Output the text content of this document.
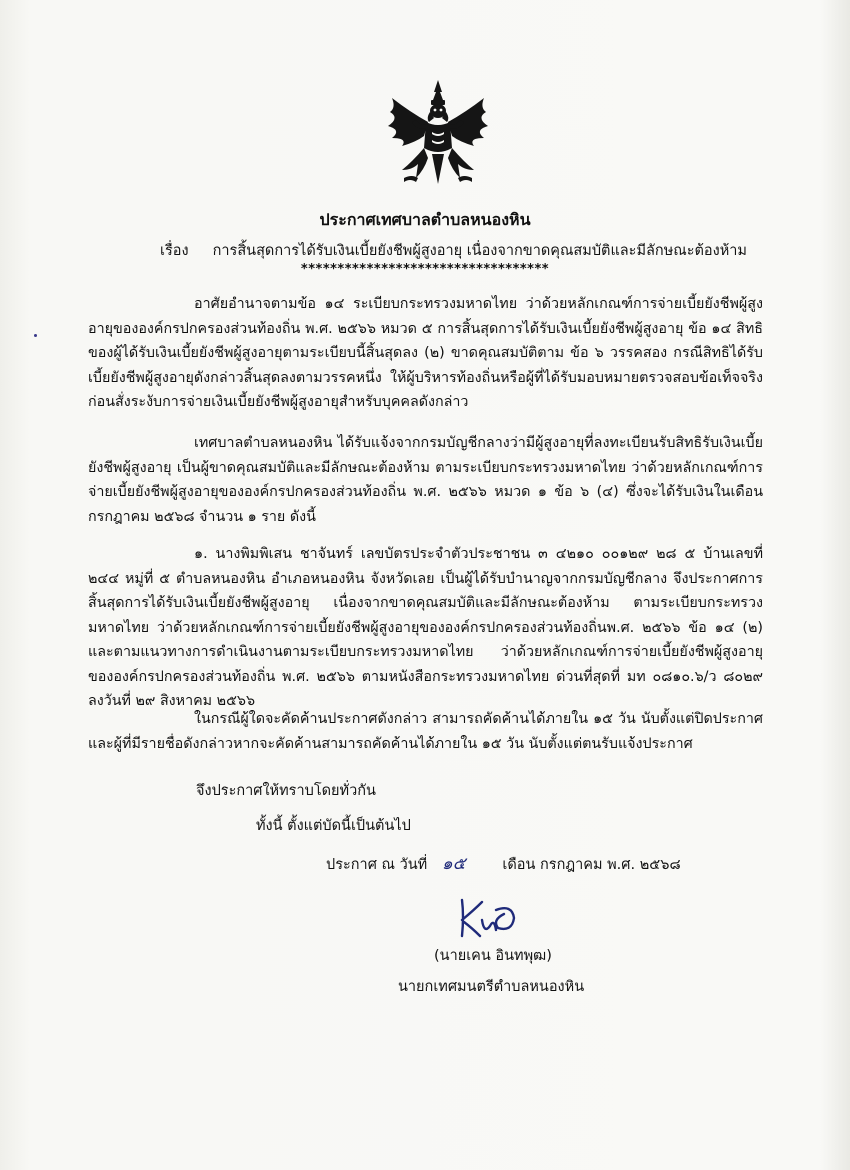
ประกาศเทศบาลตำบลหนองหิน
เรื่อง การสิ้นสุดการได้รับเงินเบี้ยยังชีพผู้สูงอายุ เนื่องจากขาดคุณสมบัติและมีลักษณะต้องห้าม
**********************************
อาศัยอำนาจตามข้อ ๑๔ ระเบียบกระทรวงมหาดไทย ว่าด้วยหลักเกณฑ์การจ่ายเบี้ยยังชีพผู้สูงอายุขององค์กรปกครองส่วนท้องถิ่น พ.ศ. ๒๕๖๖ หมวด ๕ การสิ้นสุดการได้รับเงินเบี้ยยังชีพผู้สูงอายุ ข้อ ๑๔ สิทธิของผู้ได้รับเงินเบี้ยยังชีพผู้สูงอายุตามระเบียบนี้สิ้นสุดลง (๒) ขาดคุณสมบัติตาม ข้อ ๖ วรรคสอง กรณีสิทธิได้รับเบี้ยยังชีพผู้สูงอายุดังกล่าวสิ้นสุดลงตามวรรคหนึ่ง ให้ผู้บริหารท้องถิ่นหรือผู้ที่ได้รับมอบหมายตรวจสอบข้อเท็จจริงก่อนสั่งระงับการจ่ายเงินเบี้ยยังชีพผู้สูงอายุสำหรับบุคคลดังกล่าว
เทศบาลตำบลหนองหิน ได้รับแจ้งจากกรมบัญชีกลางว่ามีผู้สูงอายุที่ลงทะเบียนรับสิทธิรับเงินเบี้ยยังชีพผู้สูงอายุ เป็นผู้ขาดคุณสมบัติและมีลักษณะต้องห้าม ตามระเบียบกระทรวงมหาดไทย ว่าด้วยหลักเกณฑ์การจ่ายเบี้ยยังชีพผู้สูงอายุขององค์กรปกครองส่วนท้องถิ่น พ.ศ. ๒๕๖๖ หมวด ๑ ข้อ ๖ (๔) ซึ่งจะได้รับเงินในเดือนกรกฎาคม ๒๕๖๘ จำนวน ๑ ราย ดังนี้
๑. นางพิมพิเสน ชาจันทร์ เลขบัตรประจำตัวประชาชน ๓ ๔๒๑๐ ๐๐๑๒๙ ๒๘ ๕ บ้านเลขที่ ๒๔๔ หมู่ที่ ๕ ตำบลหนองหิน อำเภอหนองหิน จังหวัดเลย เป็นผู้ได้รับบำนาญจากกรมบัญชีกลาง จึงประกาศการสิ้นสุดการได้รับเงินเบี้ยยังชีพผู้สูงอายุ เนื่องจากขาดคุณสมบัติและมีลักษณะต้องห้าม ตามระเบียบกระทรวงมหาดไทย ว่าด้วยหลักเกณฑ์การจ่ายเบี้ยยังชีพผู้สูงอายุขององค์กรปกครองส่วนท้องถิ่นพ.ศ. ๒๕๖๖ ข้อ ๑๔ (๒) และตามแนวทางการดำเนินงานตามระเบียบกระทรวงมหาดไทย ว่าด้วยหลักเกณฑ์การจ่ายเบี้ยยังชีพผู้สูงอายุขององค์กรปกครองส่วนท้องถิ่น พ.ศ. ๒๕๖๖ ตามหนังสือกระทรวงมหาดไทย ด่วนที่สุดที่ มท ๐๘๑๐.๖/ว ๘๐๒๙ ลงวันที่ ๒๙ สิงหาคม ๒๕๖๖
ในกรณีผู้ใดจะคัดค้านประกาศดังกล่าว สามารถคัดค้านได้ภายใน ๑๕ วัน นับตั้งแต่ปิดประกาศ และผู้ที่มีรายชื่อดังกล่าวหากจะคัดค้านสามารถคัดค้านได้ภายใน ๑๕ วัน นับตั้งแต่ตนรับแจ้งประกาศ
จึงประกาศให้ทราบโดยทั่วกัน
ทั้งนี้ ตั้งแต่บัดนี้เป็นต้นไป
ประกาศ ณ วันที่ ๑๕	เดือน กรกฎาคม พ.ศ. ๒๕๖๘
(นายเคน อินทพุฒ)
นายกเทศมนตรีตำบลหนองหิน
